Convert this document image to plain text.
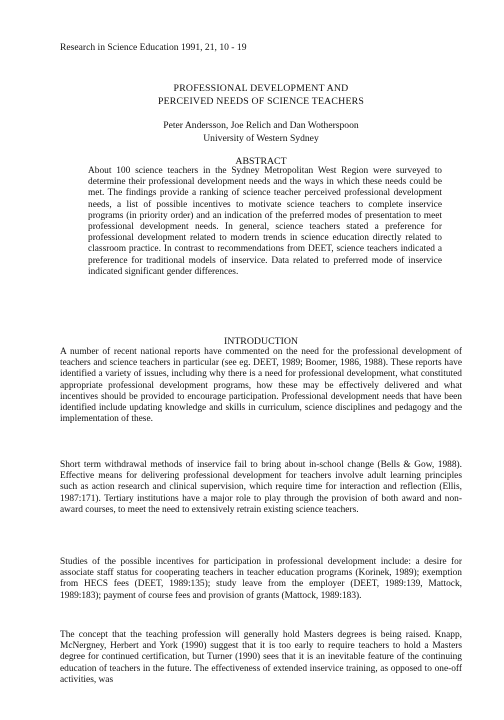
Research in Science Education 1991, 21, 10 - 19

PROFESSIONAL DEVELOPMENT AND

PERCEIVED NEEDS OF SCIENCE TEACHERS

Peter Andersson, Joe Relich and Dan Wotherspoon
University of Western Sydney

ABSTRACT

About 100 science teachers in the Sydney Metropolitan West Region were surveyed to determine their professional development needs and the ways in which these needs could be met. The findings provide a ranking of science teacher perceived professional development needs, a list of possible incentives to motivate science teachers to complete inservice programs (in priority order) and an indication of the preferred modes of presentation to meet professional development needs. In general, science teachers stated a preference for professional development related to modern trends in science education directly related to classroom practice. In contrast to recommendations from DEET, science teachers indicated a preference for traditional models of inservice. Data related to preferred mode of inservice indicated significant gender differences.

INTRODUCTION

A number of recent national reports have commented on the need for the professional development of teachers and science teachers in particular (see eg. DEET, 1989; Boomer, 1986, 1988). These reports have identified a variety of issues, including why there is a need for professional development, what constituted appropriate professional development programs, how these may be effectively delivered and what incentives should be provided to encourage participation. Professional development needs that have been identified include updating knowledge and skills in curriculum, science disciplines and pedagogy and the implementation of these.

Short term withdrawal methods of inservice fail to bring about in-school change (Bells & Gow, 1988). Effective means for delivering professional development for teachers involve adult learning principles such as action research and clinical supervision, which require time for interaction and reflection (Ellis, 1987:171). Tertiary institutions have a major role to play through the provision of both award and non-award courses, to meet the need to extensively retrain existing science teachers.

Studies of the possible incentives for participation in professional development include: a desire for associate staff status for cooperating teachers in teacher education programs (Korinek, 1989); exemption from HECS fees (DEET, 1989:135); study leave from the employer (DEET, 1989:139, Mattock, 1989:183); payment of course fees and provision of grants (Mattock, 1989:183).

The concept that the teaching profession will generally hold Masters degrees is being raised. Knapp, McNergney, Herbert and York (1990) suggest that it is too early to require teachers to hold a Masters degree for continued certification, but Turner (1990) sees that it is an inevitable feature of the continuing education of teachers in the future. The effectiveness of extended inservice training, as opposed to one-off activities, was
